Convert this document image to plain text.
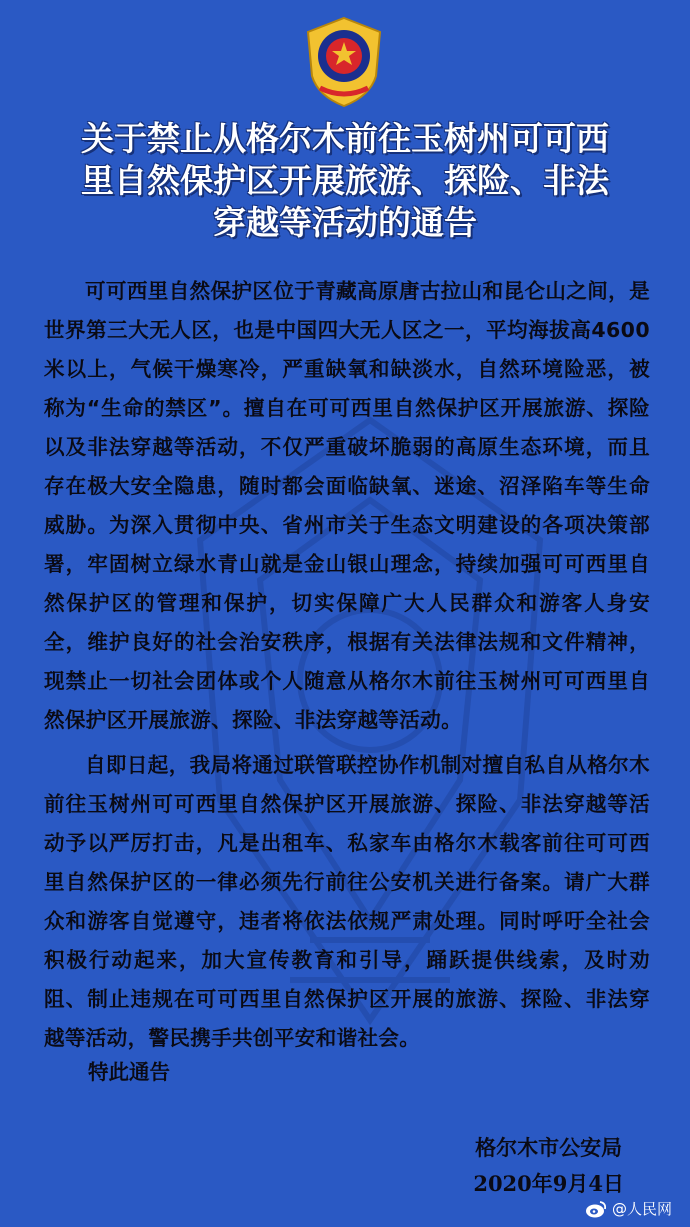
关于禁止从格尔木前往玉树州可可西
里自然保护区开展旅游、探险、非法
穿越等活动的通告

可可西里自然保护区位于青藏高原唐古拉山和昆仑山之间，是世界第三大无人区，也是中国四大无人区之一，平均海拔高4600米以上，气候干燥寒冷，严重缺氧和缺淡水，自然环境险恶，被称为“生命的禁区”。擅自在可可西里自然保护区开展旅游、探险以及非法穿越等活动，不仅严重破坏脆弱的高原生态环境，而且存在极大安全隐患，随时都会面临缺氧、迷途、沼泽陷车等生命威胁。为深入贯彻中央、省州市关于生态文明建设的各项决策部署，牢固树立绿水青山就是金山银山理念，持续加强可可西里自然保护区的管理和保护，切实保障广大人民群众和游客人身安全，维护良好的社会治安秩序，根据有关法律法规和文件精神，现禁止一切社会团体或个人随意从格尔木前往玉树州可可西里自然保护区开展旅游、探险、非法穿越等活动。

自即日起，我局将通过联管联控协作机制对擅自私自从格尔木前往玉树州可可西里自然保护区开展旅游、探险、非法穿越等活动予以严厉打击，凡是出租车、私家车由格尔木载客前往可可西里自然保护区的一律必须先行前往公安机关进行备案。请广大群众和游客自觉遵守，违者将依法依规严肃处理。同时呼吁全社会积极行动起来，加大宣传教育和引导，踊跃提供线索，及时劝阻、制止违规在可可西里自然保护区开展的旅游、探险、非法穿越等活动，警民携手共创平安和谐社会。

特此通告
格尔木市公安局
2020年9月4日
@人民网
